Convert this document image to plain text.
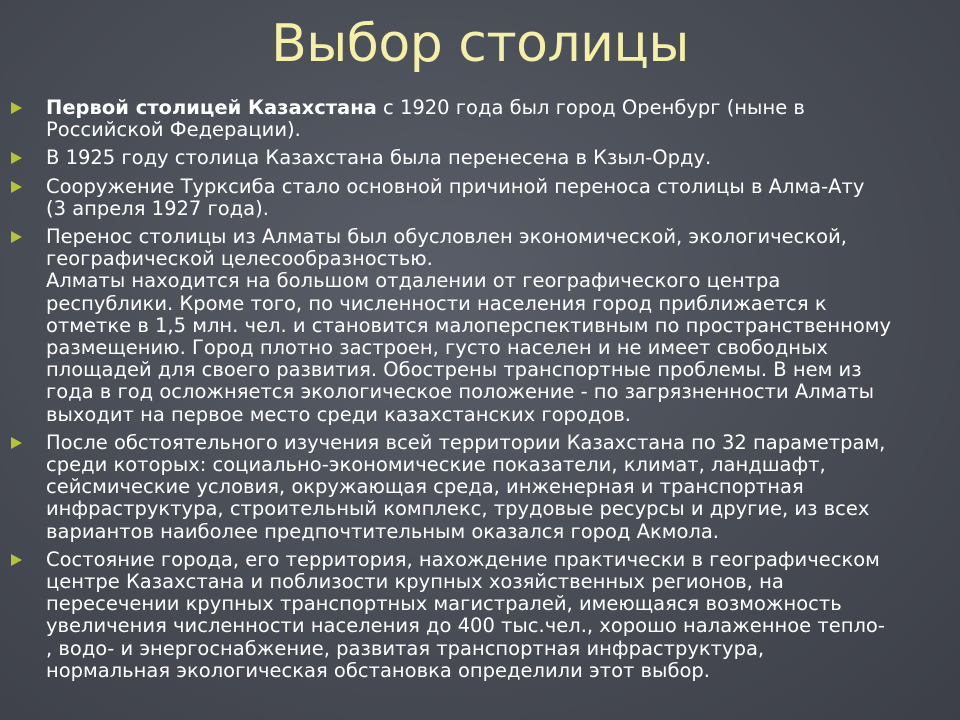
Выбор столицы
Первой столицей Казахстана с 1920 года был город Оренбург (ныне в
Российской Федерации).
В 1925 году столица Казахстана была перенесена в Кзыл-Орду.
Сооружение Турксиба стало основной причиной переноса столицы в Алма-Ату
(3 апреля 1927 года).
Перенос столицы из Алматы был обусловлен экономической, экологической,
географической целесообразностью.
Алматы находится на большом отдалении от географического центра
республики. Кроме того, по численности населения город приближается к
отметке в 1,5 млн. чел. и становится малоперспективным по пространственному
размещению. Город плотно застроен, густо населен и не имеет свободных
площадей для своего развития. Обострены транспортные проблемы. В нем из
года в год осложняется экологическое положение - по загрязненности Алматы
выходит на первое место среди казахстанских городов.
После обстоятельного изучения всей территории Казахстана по 32 параметрам,
среди которых: социально-экономические показатели, климат, ландшафт,
сейсмические условия, окружающая среда, инженерная и транспортная
инфраструктура, строительный комплекс, трудовые ресурсы и другие, из всех
вариантов наиболее предпочтительным оказался город Акмола.
Состояние города, его территория, нахождение практически в географическом
центре Казахстана и поблизости крупных хозяйственных регионов, на
пересечении крупных транспортных магистралей, имеющаяся возможность
увеличения численности населения до 400 тыс.чел., хорошо налаженное тепло-
, водо- и энергоснабжение, развитая транспортная инфраструктура,
нормальная экологическая обстановка определили этот выбор.
